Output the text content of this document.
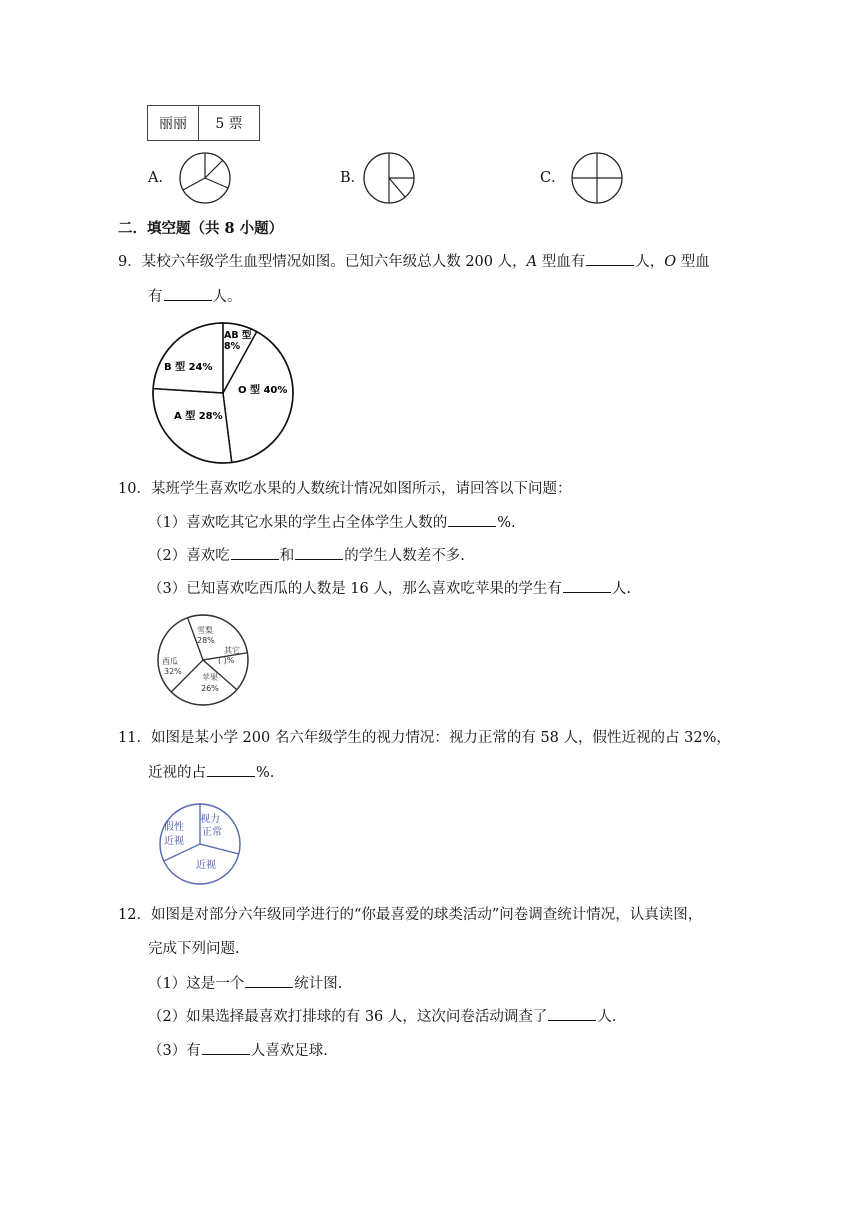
丽丽	5 票
A．	B．	C．
二．填空题（共 8 小题）
9．某校六年级学生血型情况如图。已知六年级总人数 200 人，A 型血有	人，O 型血
有	人。
AB 型
8%
B 型 24%
O 型 40%
A 型 28%
10．某班学生喜欢吃水果的人数统计情况如图所示，请回答以下问题：
（1）喜欢吃其它水果的学生占全体学生人数的	%.
（2）喜欢吃	和	的学生人数差不多.
（3）已知喜欢吃西瓜的人数是 16 人，那么喜欢吃苹果的学生有	人.
雪梨
28%
其它
( )%
西瓜
32%
苹果
26%
11．如图是某小学 200 名六年级学生的视力情况：视力正常的有 58 人，假性近视的占 32%，
近视的占	%.
视力
正常
假性
近视
近视
12．如图是对部分六年级同学进行的“你最喜爱的球类活动”问卷调查统计情况，认真读图，
完成下列问题.
（1）这是一个	统计图.
（2）如果选择最喜欢打排球的有 36 人，这次问卷活动调查了	人.
（3）有	人喜欢足球.
